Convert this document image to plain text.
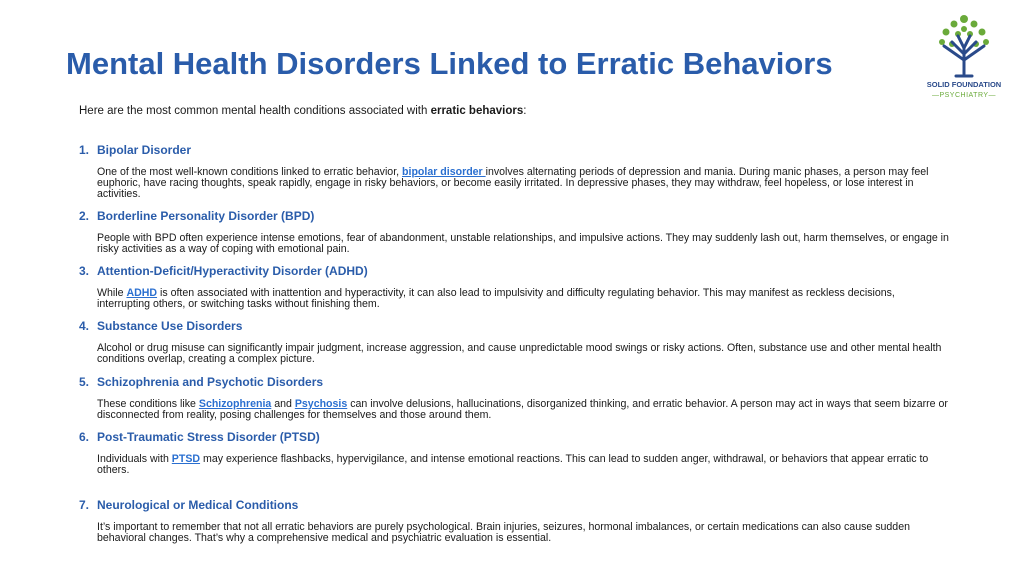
Mental Health Disorders Linked to Erratic Behaviors
SOLID FOUNDATION
—PSYCHIATRY—
Here are the most common mental health conditions associated with erratic behaviors:
1. Bipolar Disorder
One of the most well-known conditions linked to erratic behavior, bipolar disorder involves alternating periods of depression and mania. During manic phases, a person may feel euphoric, have racing thoughts, speak rapidly, engage in risky behaviors, or become easily irritated. In depressive phases, they may withdraw, feel hopeless, or lose interest in activities.
2. Borderline Personality Disorder (BPD)
People with BPD often experience intense emotions, fear of abandonment, unstable relationships, and impulsive actions. They may suddenly lash out, harm themselves, or engage in risky activities as a way of coping with emotional pain.
3. Attention-Deficit/Hyperactivity Disorder (ADHD)
While ADHD is often associated with inattention and hyperactivity, it can also lead to impulsivity and difficulty regulating behavior. This may manifest as reckless decisions, interrupting others, or switching tasks without finishing them.
4. Substance Use Disorders
Alcohol or drug misuse can significantly impair judgment, increase aggression, and cause unpredictable mood swings or risky actions. Often, substance use and other mental health conditions overlap, creating a complex picture.
5. Schizophrenia and Psychotic Disorders
These conditions like Schizophrenia and Psychosis can involve delusions, hallucinations, disorganized thinking, and erratic behavior. A person may act in ways that seem bizarre or disconnected from reality, posing challenges for themselves and those around them.
6. Post-Traumatic Stress Disorder (PTSD)
Individuals with PTSD may experience flashbacks, hypervigilance, and intense emotional reactions. This can lead to sudden anger, withdrawal, or behaviors that appear erratic to others.
7. Neurological or Medical Conditions
It’s important to remember that not all erratic behaviors are purely psychological. Brain injuries, seizures, hormonal imbalances, or certain medications can also cause sudden behavioral changes. That’s why a comprehensive medical and psychiatric evaluation is essential.
